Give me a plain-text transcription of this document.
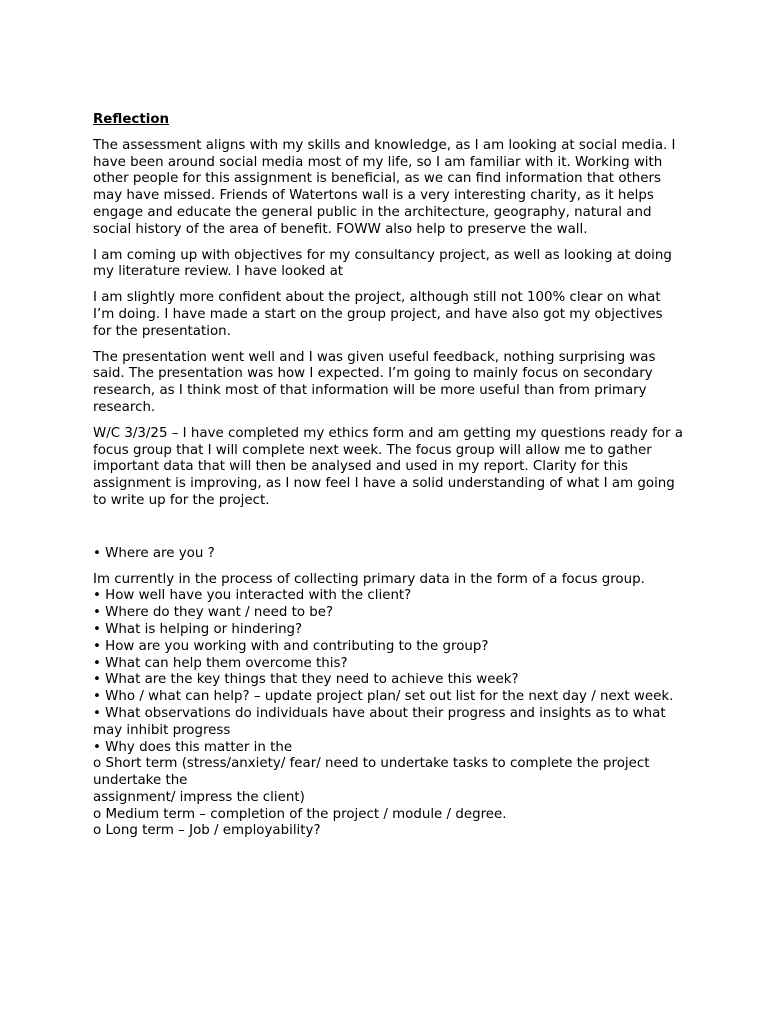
Reflection

The assessment aligns with my skills and knowledge, as I am looking at social media. I have been around social media most of my life, so I am familiar with it. Working with other people for this assignment is beneficial, as we can find information that others may have missed. Friends of Watertons wall is a very interesting charity, as it helps engage and educate the general public in the architecture, geography, natural and social history of the area of benefit. FOWW also help to preserve the wall.

I am coming up with objectives for my consultancy project, as well as looking at doing my literature review. I have looked at

I am slightly more confident about the project, although still not 100% clear on what I’m doing. I have made a start on the group project, and have also got my objectives for the presentation.

The presentation went well and I was given useful feedback, nothing surprising was said. The presentation was how I expected. I’m going to mainly focus on secondary research, as I think most of that information will be more useful than from primary research.

W/C 3/3/25 – I have completed my ethics form and am getting my questions ready for a focus group that I will complete next week. The focus group will allow me to gather important data that will then be analysed and used in my report. Clarity for this assignment is improving, as I now feel I have a solid understanding of what I am going to write up for the project.

• Where are you ?

Im currently in the process of collecting primary data in the form of a focus group.

• How well have you interacted with the client?

• Where do they want / need to be?

• What is helping or hindering?

• How are you working with and contributing to the group?

• What can help them overcome this?

• What are the key things that they need to achieve this week?

• Who / what can help? – update project plan/ set out list for the next day / next week.

• What observations do individuals have about their progress and insights as to what may inhibit progress

• Why does this matter in the

o Short term (stress/anxiety/ fear/ need to undertake tasks to complete the project undertake the

assignment/ impress the client)

o Medium term – completion of the project / module / degree.

o Long term – Job / employability?
